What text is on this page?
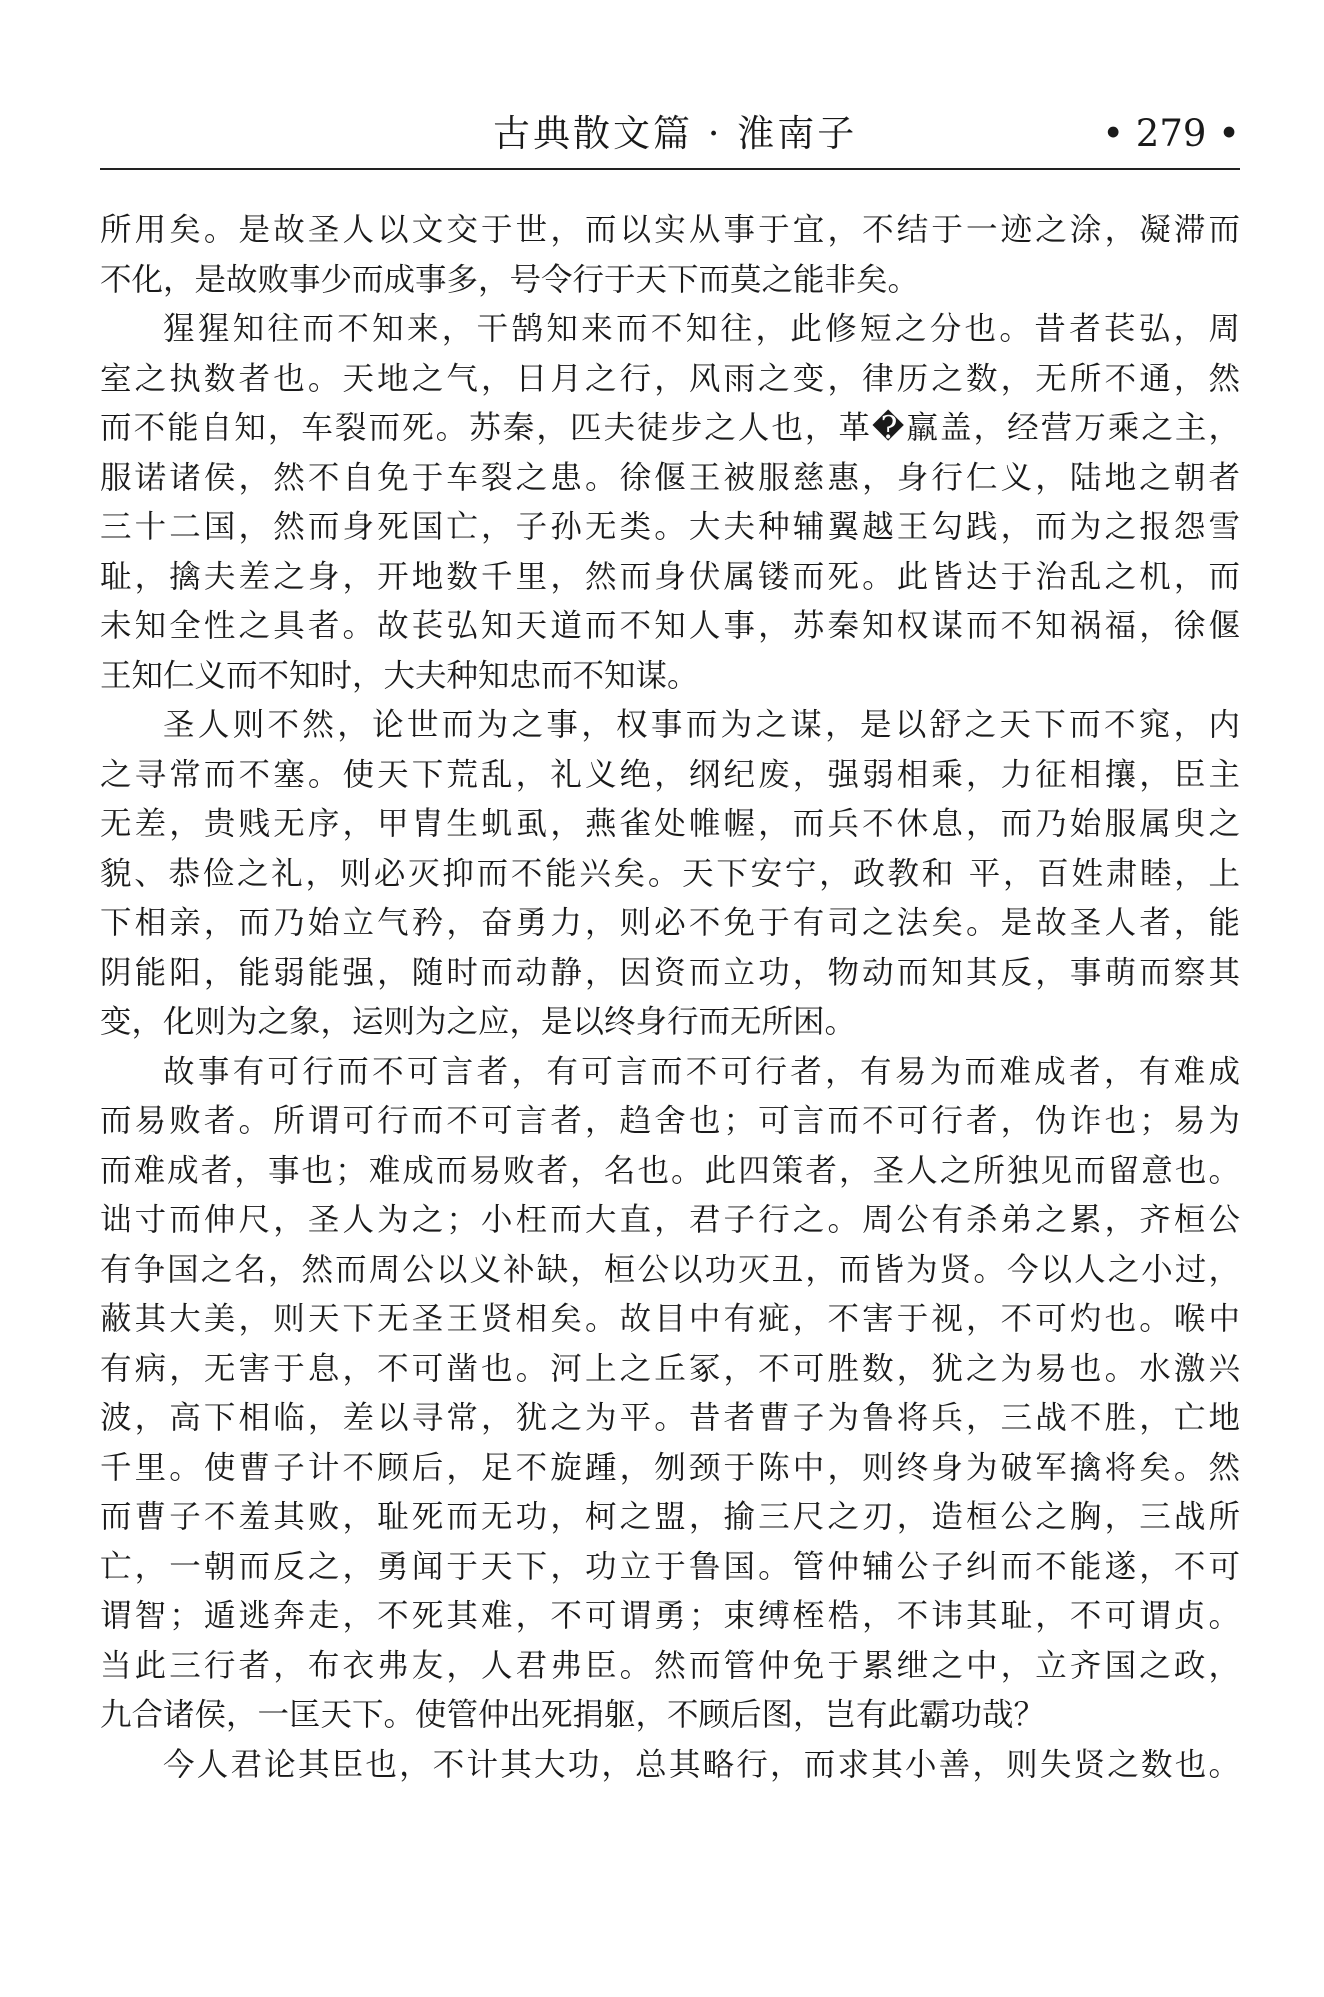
古典散文篇 · 淮南子	• 279 •
所用矣。是故圣人以文交于世，而以实从事于宜，不结于一迹之涂，凝滞而
不化，是故败事少而成事多，号令行于天下而莫之能非矣。
猩猩知往而不知来，干鹄知来而不知往，此修短之分也。昔者苌弘，周
室之执数者也。天地之气，日月之行，风雨之变，律历之数，无所不通，然
而不能自知，车裂而死。苏秦，匹夫徒步之人也，革�羸盖，经营万乘之主，
服诺诸侯，然不自免于车裂之患。徐偃王被服慈惠，身行仁义，陆地之朝者
三十二国，然而身死国亡，子孙无类。大夫种辅翼越王勾践，而为之报怨雪
耻，擒夫差之身，开地数千里，然而身伏属镂而死。此皆达于治乱之机，而
未知全性之具者。故苌弘知天道而不知人事，苏秦知权谋而不知祸福，徐偃
王知仁义而不知时，大夫种知忠而不知谋。
圣人则不然，论世而为之事，权事而为之谋，是以舒之天下而不窕，内
之寻常而不塞。使天下荒乱，礼义绝，纲纪废，强弱相乘，力征相攘，臣主
无差，贵贱无序，甲胄生虮虱，燕雀处帷幄，而兵不休息，而乃始服属臾之
貌、恭俭之礼，则必灭抑而不能兴矣。天下安宁，政教和 平，百姓肃睦，上
下相亲，而乃始立气矜，奋勇力，则必不免于有司之法矣。是故圣人者，能
阴能阳，能弱能强，随时而动静，因资而立功，物动而知其反，事萌而察其
变，化则为之象，运则为之应，是以终身行而无所困。
故事有可行而不可言者，有可言而不可行者，有易为而难成者，有难成
而易败者。所谓可行而不可言者，趋舍也；可言而不可行者，伪诈也；易为
而难成者，事也；难成而易败者，名也。此四策者，圣人之所独见而留意也。
诎寸而伸尺，圣人为之；小枉而大直，君子行之。周公有杀弟之累，齐桓公
有争国之名，然而周公以义补缺，桓公以功灭丑，而皆为贤。今以人之小过，
蔽其大美，则天下无圣王贤相矣。故目中有疵，不害于视，不可灼也。喉中
有病，无害于息，不可凿也。河上之丘冢，不可胜数，犹之为易也。水激兴
波，高下相临，差以寻常，犹之为平。昔者曹子为鲁将兵，三战不胜，亡地
千里。使曹子计不顾后，足不旋踵，刎颈于陈中，则终身为破军擒将矣。然
而曹子不羞其败，耻死而无功，柯之盟，揄三尺之刃，造桓公之胸，三战所
亡，一朝而反之，勇闻于天下，功立于鲁国。管仲辅公子纠而不能遂，不可
谓智；遁逃奔走，不死其难，不可谓勇；束缚桎梏，不讳其耻，不可谓贞。
当此三行者，布衣弗友，人君弗臣。然而管仲免于累绁之中，立齐国之政，
九合诸侯，一匡天下。使管仲出死捐躯，不顾后图，岂有此霸功哉？
今人君论其臣也，不计其大功，总其略行，而求其小善，则失贤之数也。
